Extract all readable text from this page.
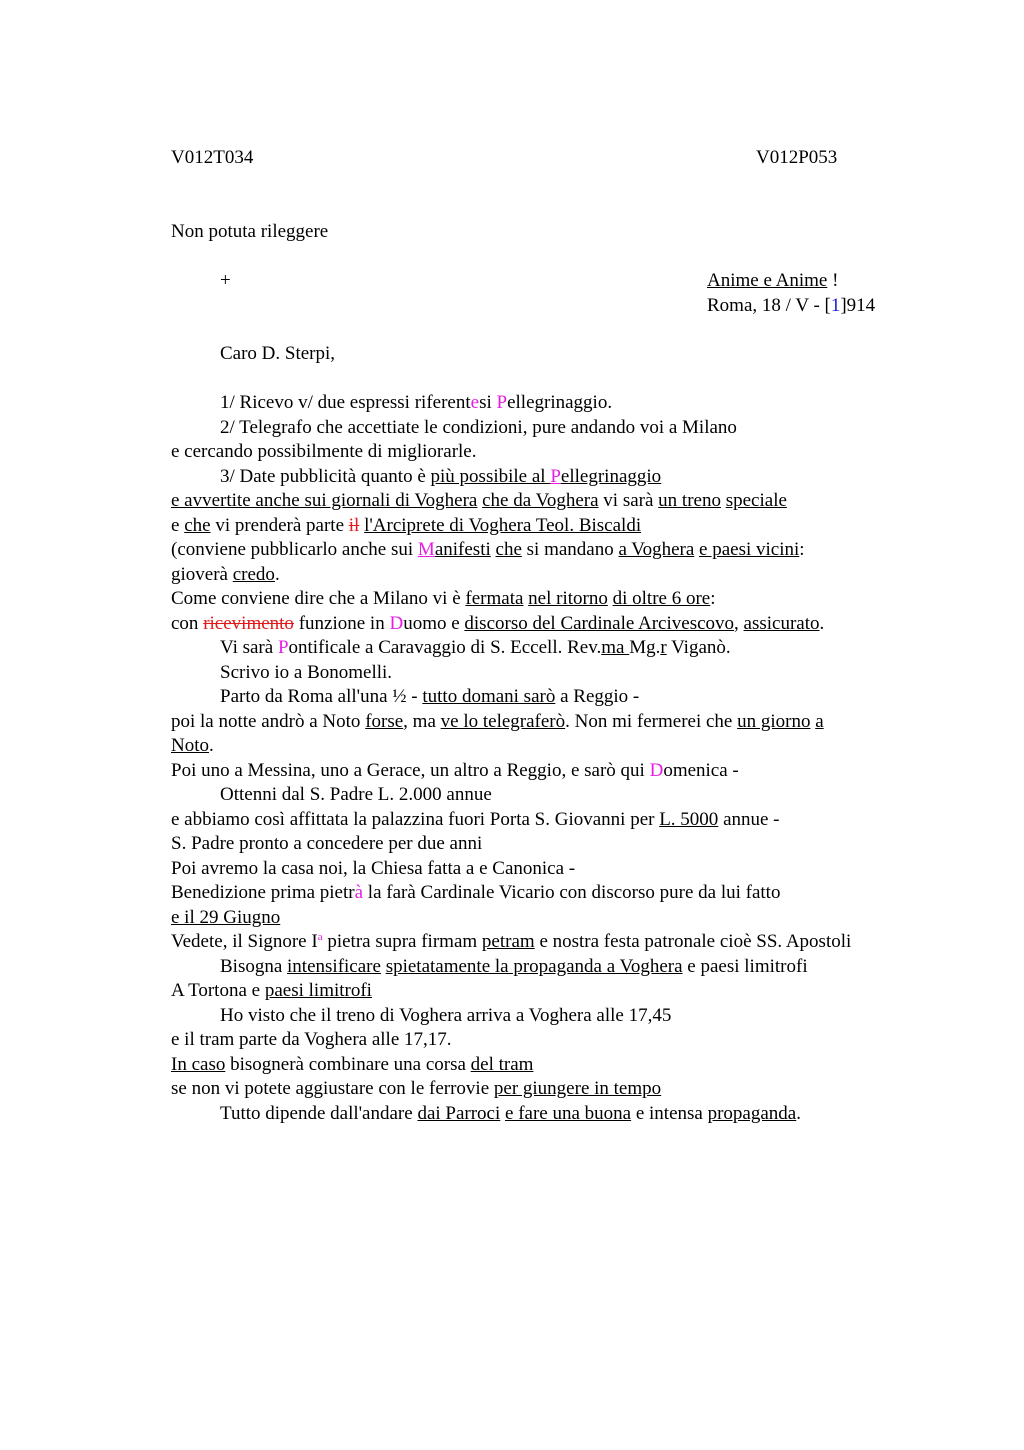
V012T034	V012P053
Non potuta rileggere
+	Anime e Anime !
Roma, 18 / V - [1]914
Caro D. Sterpi,
1/ Ricevo v/ due espressi riferentesi Pellegrinaggio.
2/ Telegrafo che accettiate le condizioni, pure andando voi a Milano
e cercando possibilmente di migliorarle.
3/ Date pubblicità quanto è più possibile al Pellegrinaggio
e avvertite anche sui giornali di Voghera che da Voghera vi sarà un treno speciale
e che vi prenderà parte il l'Arciprete di Voghera Teol. Biscaldi
(conviene pubblicarlo anche sui Manifesti che si mandano a Voghera e paesi vicini:
gioverà credo.
Come conviene dire che a Milano vi è fermata nel ritorno di oltre 6 ore:
con ricevimento funzione in Duomo e discorso del Cardinale Arcivescovo, assicurato.
Vi sarà Pontificale a Caravaggio di S. Eccell. Rev.ma Mg.r Viganò.
Scrivo io a Bonomelli.
Parto da Roma all'una ½ - tutto domani sarò a Reggio -
poi la notte andrò a Noto forse, ma ve lo telegraferò. Non mi fermerei che un giorno a
Noto.
Poi uno a Messina, uno a Gerace, un altro a Reggio, e sarò qui Domenica -
Ottenni dal S. Padre L. 2.000 annue
e abbiamo così affittata la palazzina fuori Porta S. Giovanni per L. 5000 annue -
S. Padre pronto a concedere per due anni
Poi avremo la casa noi, la Chiesa fatta a e Canonica -
Benedizione prima pietrà la farà Cardinale Vicario con discorso pure da lui fatto
e il 29 Giugno
Vedete, il Signore $I^a$ pietra supra firmam petram e nostra festa patronale cioè SS. Apostoli
Bisogna intensificare spietatamente la propaganda a Voghera e paesi limitrofi
A Tortona e paesi limitrofi
Ho visto che il treno di Voghera arriva a Voghera alle 17,45
e il tram parte da Voghera alle 17,17.
In caso bisognerà combinare una corsa del tram
se non vi potete aggiustare con le ferrovie per giungere in tempo
Tutto dipende dall'andare dai Parroci e fare una buona e intensa propaganda.
